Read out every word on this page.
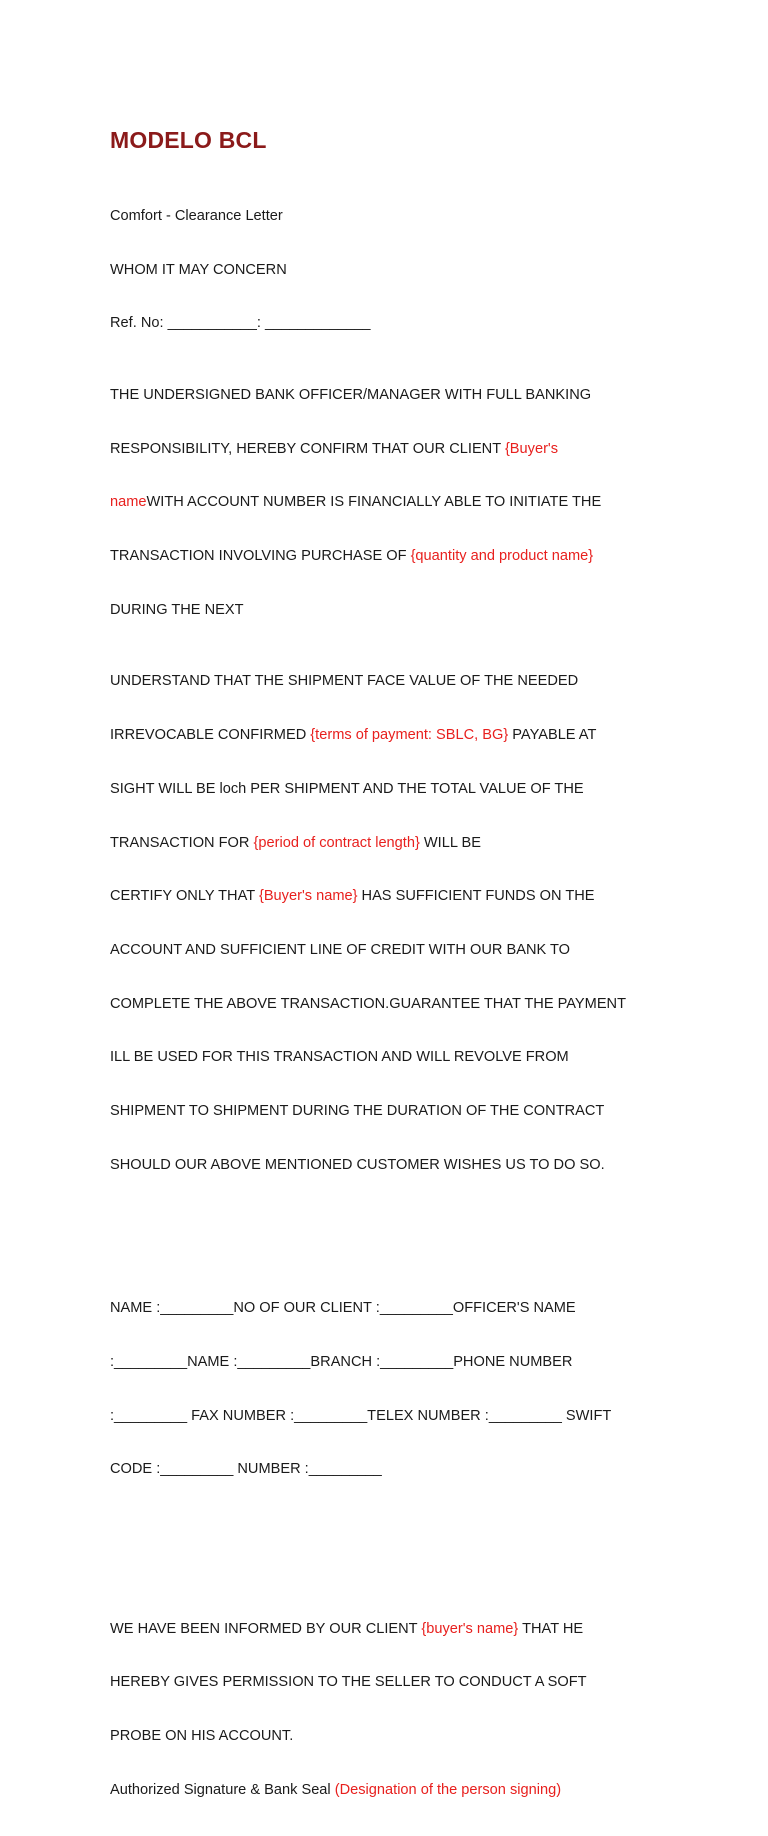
MODELO BCL

Comfort - Clearance Letter

WHOM IT MAY CONCERN

Ref. No: ___________: _____________

THE UNDERSIGNED BANK OFFICER/MANAGER WITH FULL BANKING

RESPONSIBILITY, HEREBY CONFIRM THAT OUR CLIENT {Buyer's

nameWITH ACCOUNT NUMBER IS FINANCIALLY ABLE TO INITIATE THE

TRANSACTION INVOLVING PURCHASE OF {quantity and product name}

DURING THE NEXT

UNDERSTAND THAT THE SHIPMENT FACE VALUE OF THE NEEDED

IRREVOCABLE CONFIRMED {terms of payment: SBLC, BG} PAYABLE AT

SIGHT WILL BE loch PER SHIPMENT AND THE TOTAL VALUE OF THE

TRANSACTION FOR {period of contract length} WILL BE

CERTIFY ONLY THAT {Buyer's name} HAS SUFFICIENT FUNDS ON THE

ACCOUNT AND SUFFICIENT LINE OF CREDIT WITH OUR BANK TO

COMPLETE THE ABOVE TRANSACTION.GUARANTEE THAT THE PAYMENT

ILL BE USED FOR THIS TRANSACTION AND WILL REVOLVE FROM

SHIPMENT TO SHIPMENT DURING THE DURATION OF THE CONTRACT

SHOULD OUR ABOVE MENTIONED CUSTOMER WISHES US TO DO SO.

NAME :_________NO OF OUR CLIENT :_________OFFICER'S NAME

:_________NAME :_________BRANCH :_________PHONE NUMBER

:_________ FAX NUMBER :_________TELEX NUMBER :_________ SWIFT

CODE :_________ NUMBER :_________

WE HAVE BEEN INFORMED BY OUR CLIENT {buyer's name} THAT HE

HEREBY GIVES PERMISSION TO THE SELLER TO CONDUCT A SOFT

PROBE ON HIS ACCOUNT.

Authorized Signature & Bank Seal (Designation of the person signing)
